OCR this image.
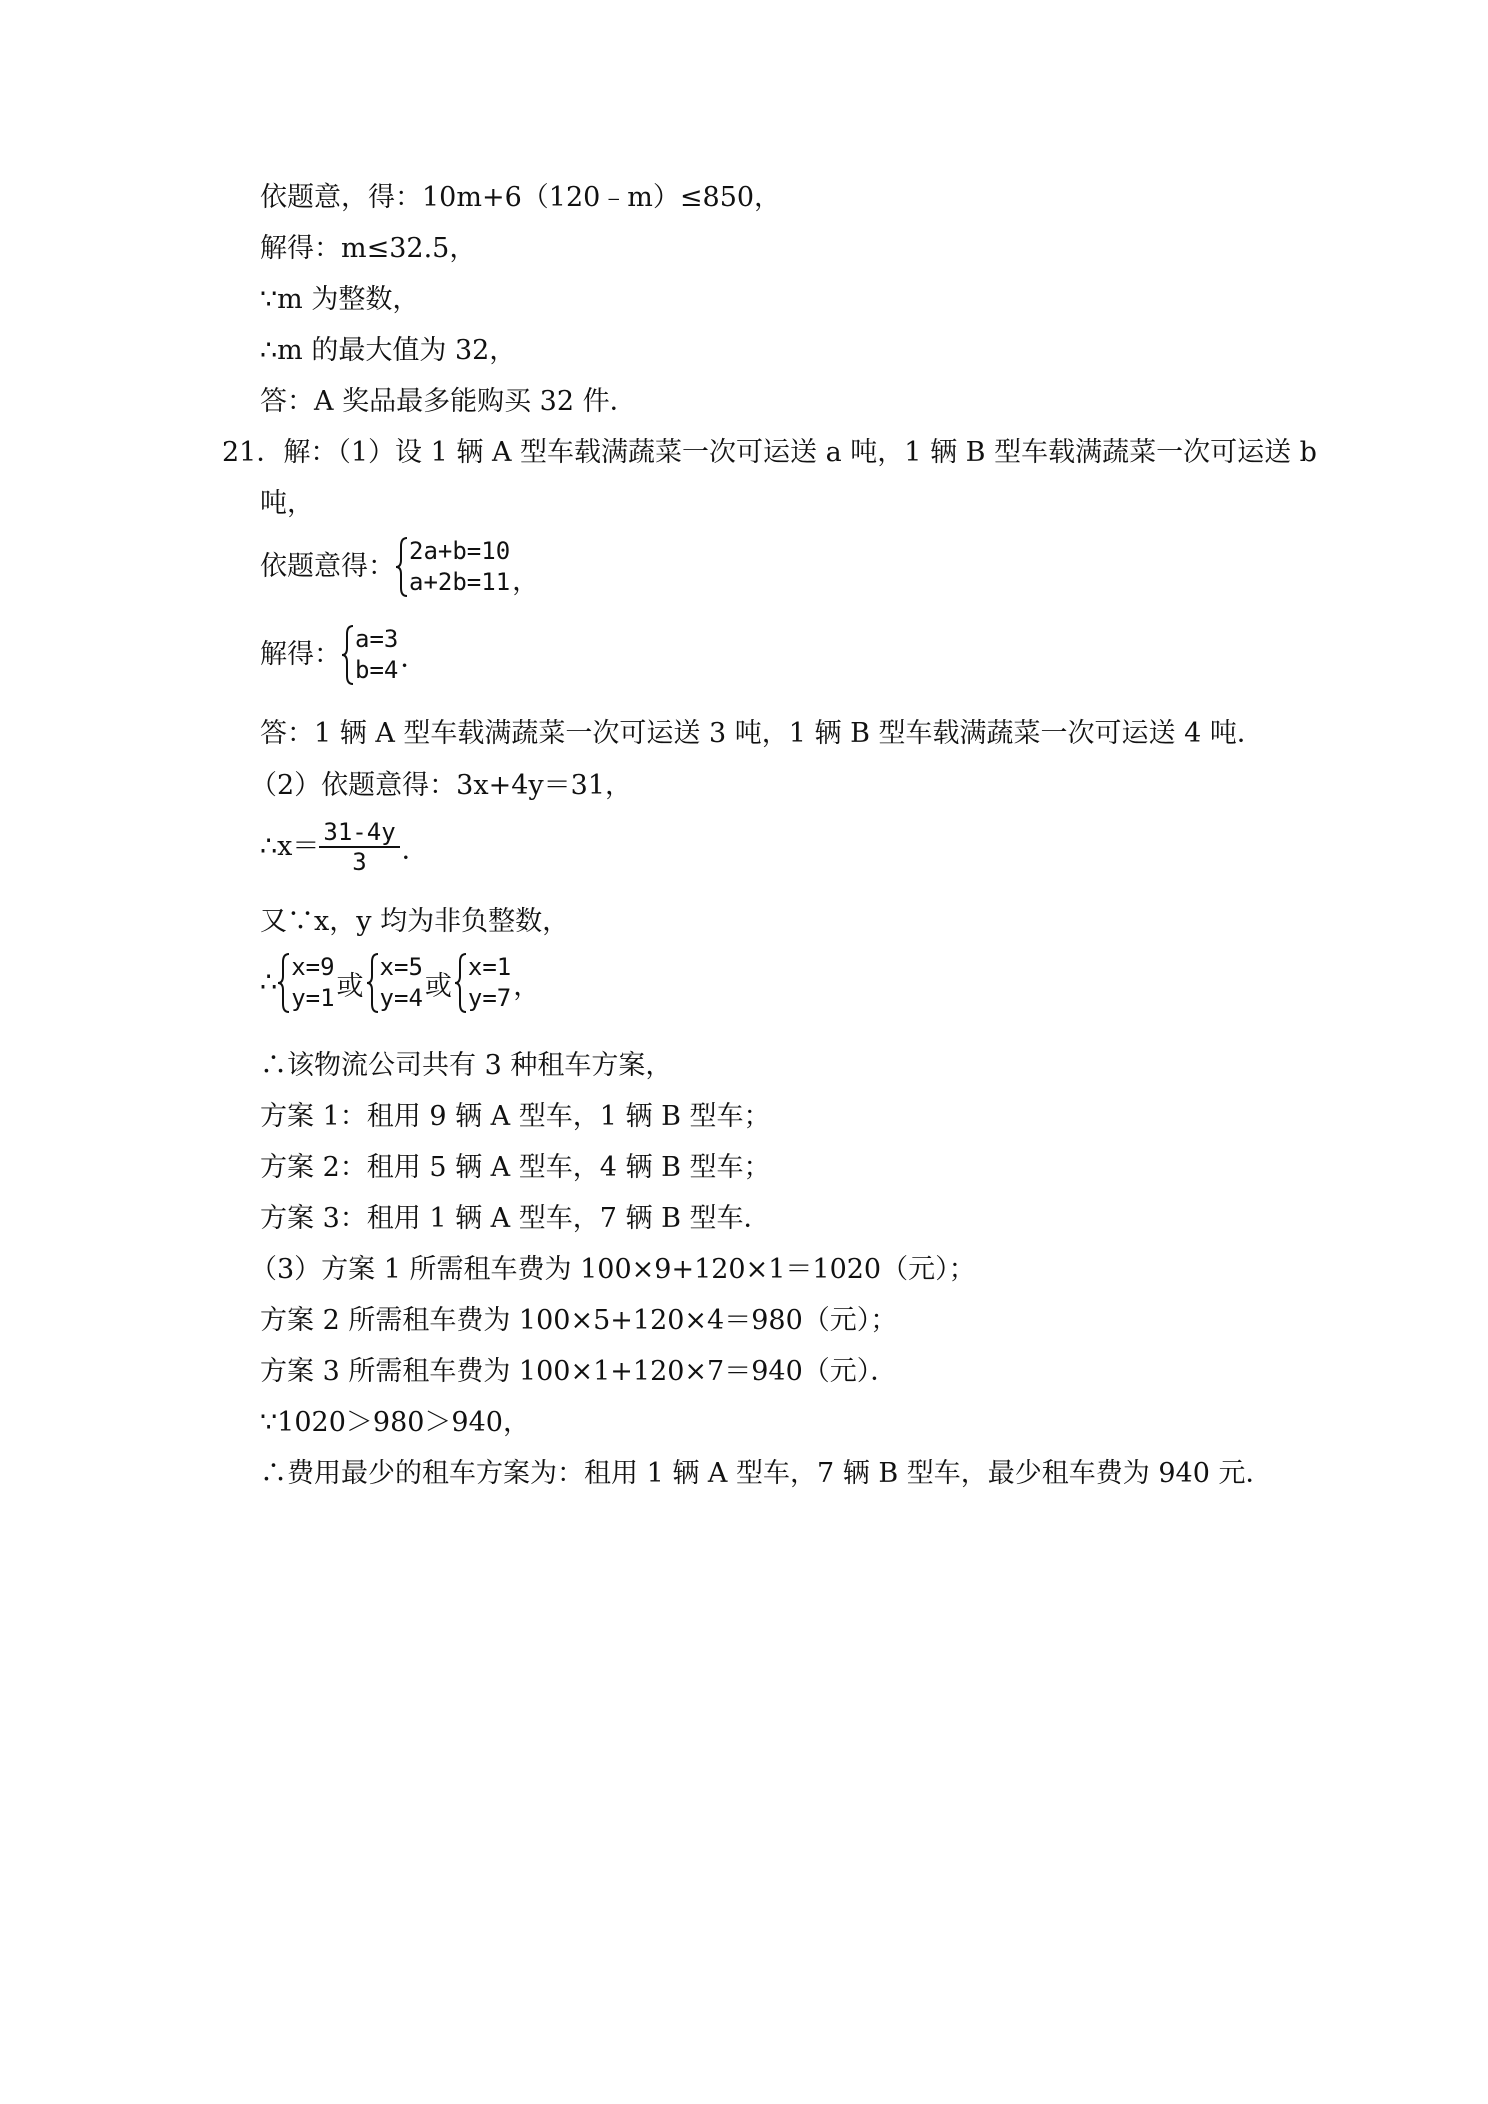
依题意，得：10m+6（120﹣m）≤850，
解得：m≤32.5，
∵m 为整数，
∴m 的最大值为 32，
答：A 奖品最多能购买 32 件．
21．解：（1）设 1 辆 A 型车载满蔬菜一次可运送 a 吨，1 辆 B 型车载满蔬菜一次可运送 b
吨，
依题意得： 2a+b=10
a+2b=11 ，
解得： a=3
b=4 ．
答：1 辆 A 型车载满蔬菜一次可运送 3 吨，1 辆 B 型车载满蔬菜一次可运送 4 吨．
（2）依题意得：3x+4y＝31，
∴x＝ $\frac{31-4y}{3}$ ．
又∵x，y 均为非负整数，
∴ x=9
y=1 或
x=5
y=4 或
x=1
y=7 ，
∴该物流公司共有 3 种租车方案，
方案 1：租用 9 辆 A 型车，1 辆 B 型车；
方案 2：租用 5 辆 A 型车，4 辆 B 型车；
方案 3：租用 1 辆 A 型车，7 辆 B 型车．
（3）方案 1 所需租车费为 100×9+120×1＝1020（元）；
方案 2 所需租车费为 100×5+120×4＝980（元）；
方案 3 所需租车费为 100×1+120×7＝940（元）．
∵1020＞980＞940，
∴费用最少的租车方案为：租用 1 辆 A 型车，7 辆 B 型车，最少租车费为 940 元．
